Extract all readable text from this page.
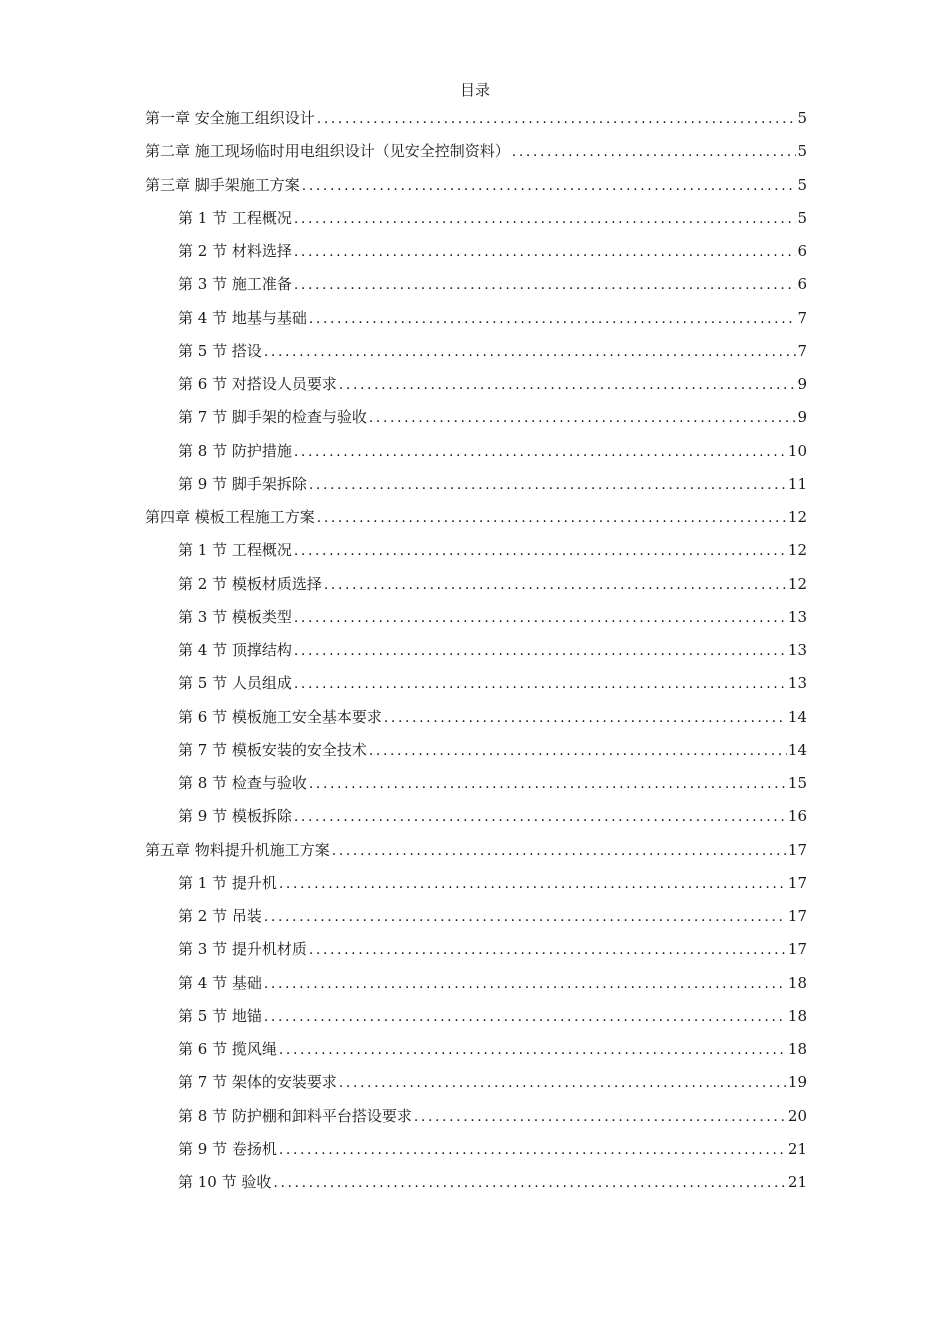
目录
第一章 安全施工组织设计 .....	5
第二章 施工现场临时用电组织设计（见安全控制资料） .....	5
第三章 脚手架施工方案 .....	5
第 1 节 工程概况 .....	5
第 2 节 材料选择 .....	6
第 3 节 施工准备 .....	6
第 4 节 地基与基础 .....	7
第 5 节 搭设 .....	7
第 6 节 对搭设人员要求 .....	9
第 7 节 脚手架的检查与验收 .....	9
第 8 节 防护措施 .....	10
第 9 节 脚手架拆除 .....	11
第四章 模板工程施工方案 .....	12
第 1 节 工程概况 .....	12
第 2 节 模板材质选择 .....	12
第 3 节 模板类型 .....	13
第 4 节 顶撑结构 .....	13
第 5 节 人员组成 .....	13
第 6 节 模板施工安全基本要求 .....	14
第 7 节 模板安装的安全技术 .....	14
第 8 节 检查与验收 .....	15
第 9 节 模板拆除 .....	16
第五章 物料提升机施工方案 .....	17
第 1 节 提升机 .....	17
第 2 节 吊装 .....	17
第 3 节 提升机材质 .....	17
第 4 节 基础 .....	18
第 5 节 地锚 .....	18
第 6 节 揽风绳 .....	18
第 7 节 架体的安装要求 .....	19
第 8 节 防护棚和卸料平台搭设要求 .....	20
第 9 节 卷扬机 .....	21
第 10 节 验收 .....	21
